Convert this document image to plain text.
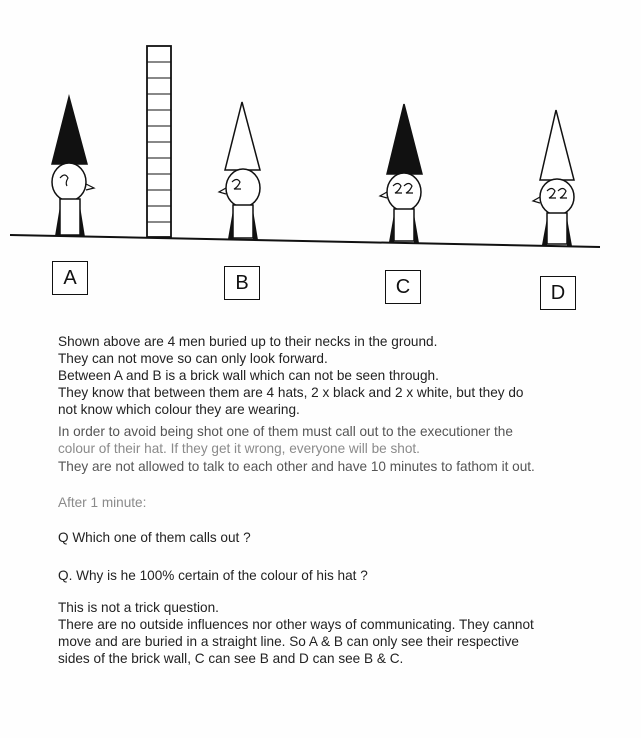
A	B	C	D
Shown above are 4 men buried up to their necks in the ground.
They can not move so can only look forward.
Between A and B is a brick wall which can not be seen through.
They know that between them are 4 hats, 2 x black and 2 x white, but they do
not know which colour they are wearing.
In order to avoid being shot one of them must call out to the executioner the
colour of their hat. If they get it wrong, everyone will be shot.
They are not allowed to talk to each other and have 10 minutes to fathom it out.
After 1 minute:
Q Which one of them calls out ?
Q. Why is he 100% certain of the colour of his hat ?
This is not a trick question.
There are no outside influences nor other ways of communicating. They cannot
move and are buried in a straight line. So A & B can only see their respective
sides of the brick wall, C can see B and D can see B & C.
